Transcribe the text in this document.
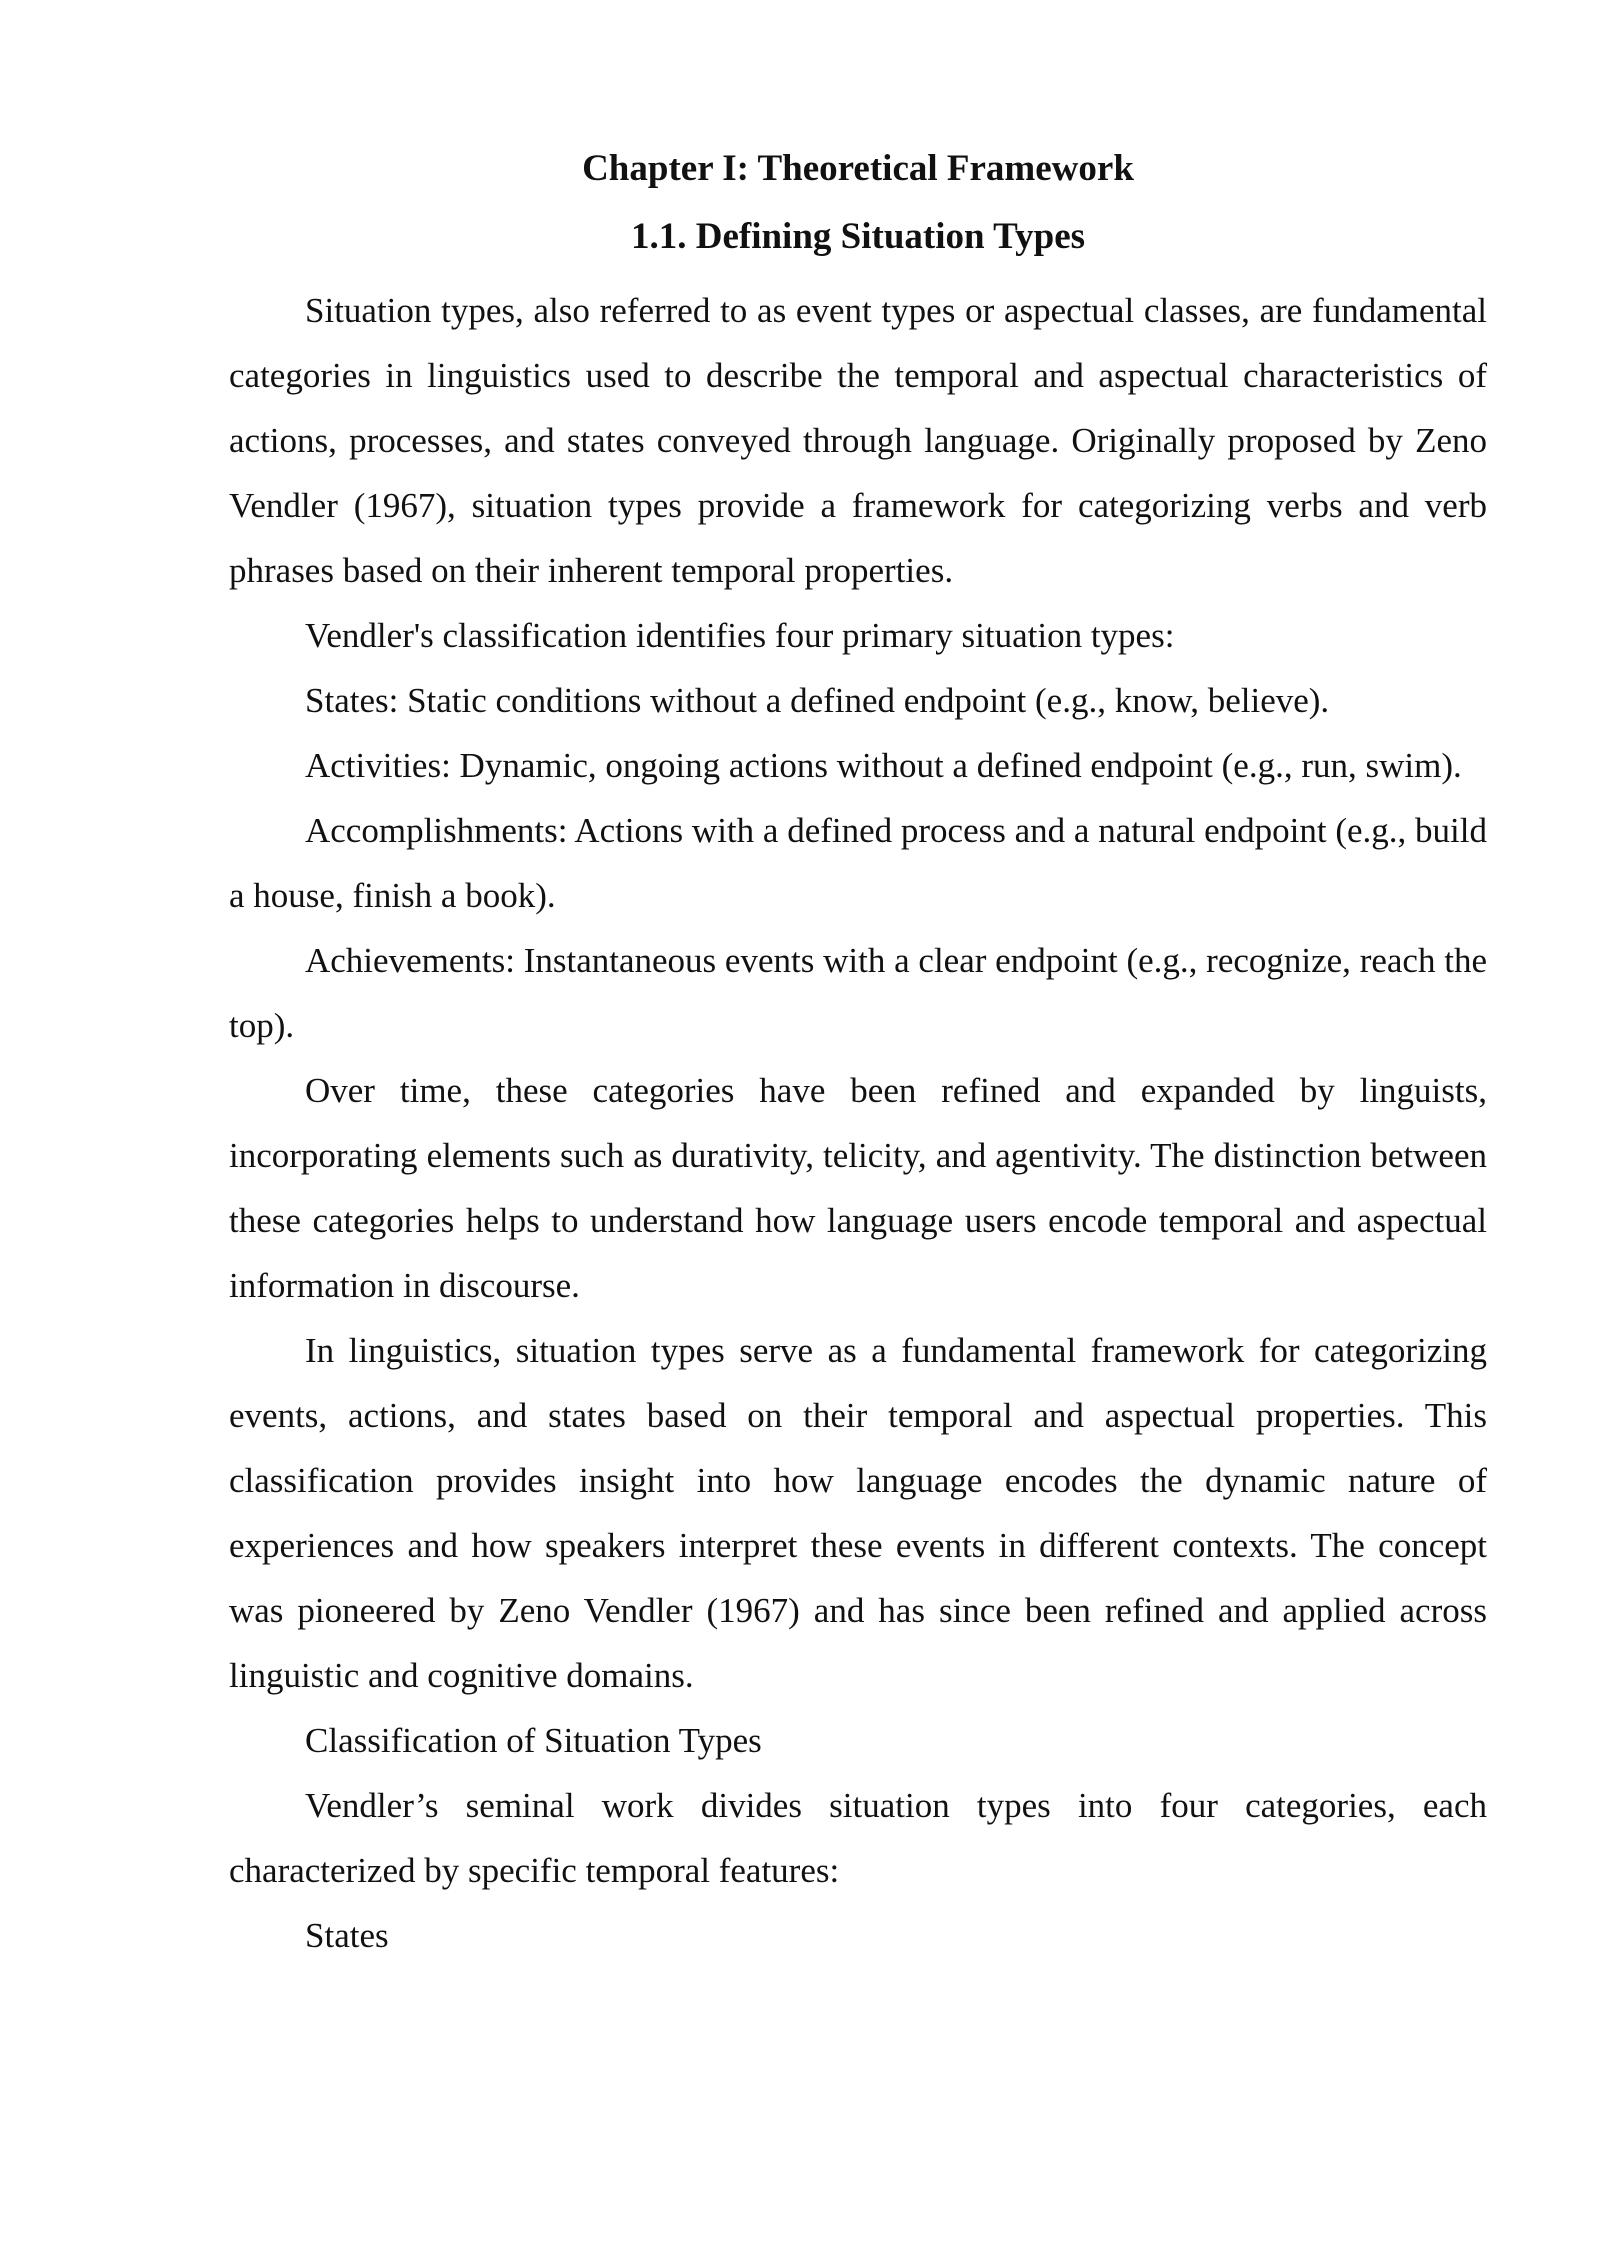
Chapter I: Theoretical Framework
1.1. Defining Situation Types

Situation types, also referred to as event types or aspectual classes, are fundamental categories in linguistics used to describe the temporal and aspectual characteristics of actions, processes, and states conveyed through language. Originally proposed by Zeno Vendler (1967), situation types provide a framework for categorizing verbs and verb phrases based on their inherent temporal properties.

Vendler's classification identifies four primary situation types:

States: Static conditions without a defined endpoint (e.g., know, believe).

Activities: Dynamic, ongoing actions without a defined endpoint (e.g., run, swim).

Accomplishments: Actions with a defined process and a natural endpoint (e.g., build a house, finish a book).

Achievements: Instantaneous events with a clear endpoint (e.g., recognize, reach the top).

Over time, these categories have been refined and expanded by linguists, incorporating elements such as durativity, telicity, and agentivity. The distinction between these categories helps to understand how language users encode temporal and aspectual information in discourse.

In linguistics, situation types serve as a fundamental framework for categorizing events, actions, and states based on their temporal and aspectual properties. This classification provides insight into how language encodes the dynamic nature of experiences and how speakers interpret these events in different contexts. The concept was pioneered by Zeno Vendler (1967) and has since been refined and applied across linguistic and cognitive domains.

Classification of Situation Types

Vendler’s seminal work divides situation types into four categories, each characterized by specific temporal features:

States
